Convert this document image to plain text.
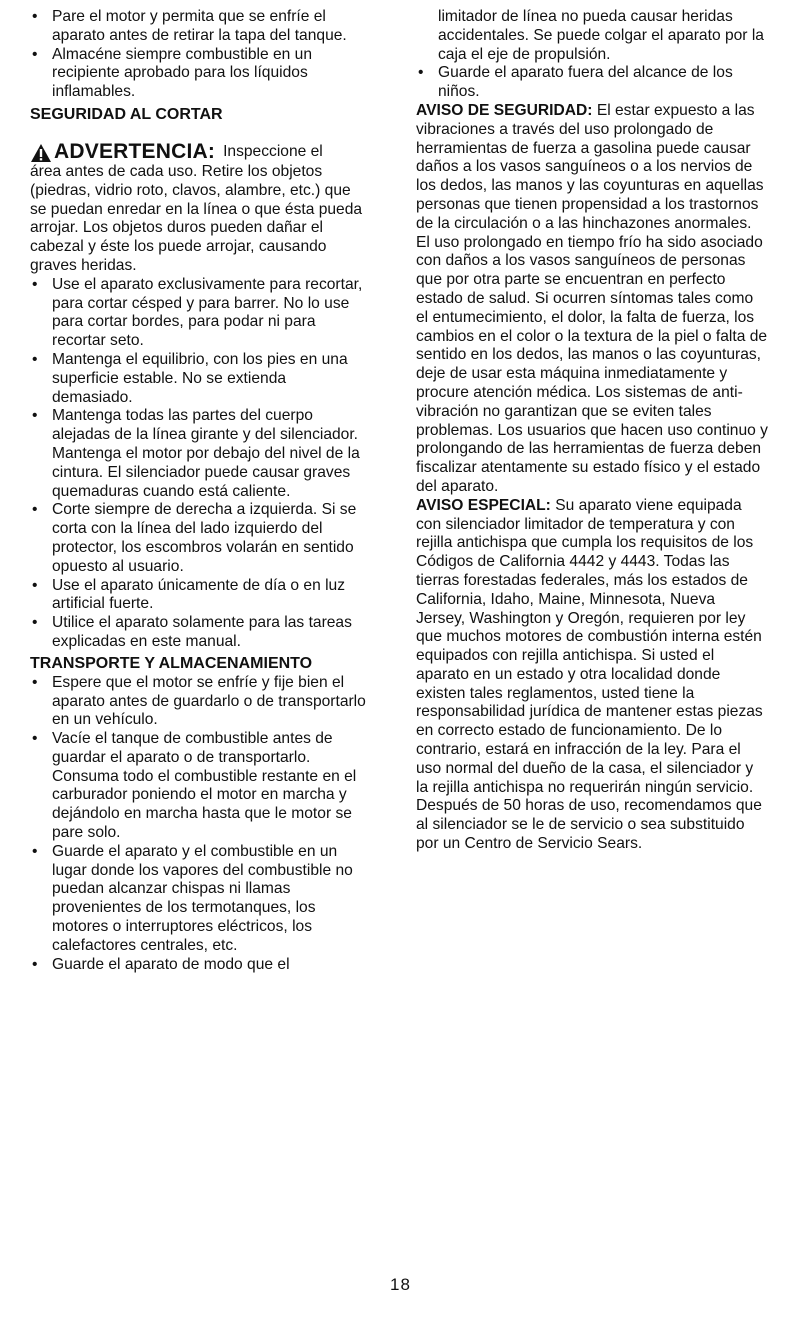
• Pare el motor y permita que se enfríe el aparato antes de retirar la tapa del tanque.
• Almacéne siempre combustible en un recipiente aprobado para los líquidos inflamables.
SEGURIDAD AL CORTAR
ADVERTENCIA: Inspeccione el

área antes de cada uso. Retire los objetos (piedras, vidrio roto, clavos, alambre, etc.) que se puedan enredar en la línea o que ésta pueda arrojar. Los objetos duros pueden dañar el cabezal y éste los puede arrojar, causando graves heridas.

• Use el aparato exclusivamente para recortar, para cortar césped y para barrer. No lo use para cortar bordes, para podar ni para recortar seto.
• Mantenga el equilibrio, con los pies en una superficie estable. No se extienda demasiado.
• Mantenga todas las partes del cuerpo alejadas de la línea girante y del silenciador. Mantenga el motor por debajo del nivel de la cintura. El silenciador puede causar graves quemaduras cuando está caliente.
• Corte siempre de derecha a izquierda. Si se corta con la línea del lado izquierdo del protector, los escombros volarán en sentido opuesto al usuario.
• Use el aparato únicamente de día o en luz artificial fuerte.
• Utilice el aparato solamente para las tareas explicadas en este manual.
TRANSPORTE Y ALMACENAMIENTO
• Espere que el motor se enfríe y fije bien el aparato antes de guardarlo o de transportarlo en un vehículo.
• Vacíe el tanque de combustible antes de guardar el aparato o de transportarlo. Consuma todo el combustible restante en el carburador poniendo el motor en marcha y dejándolo en marcha hasta que le motor se pare solo.
• Guarde el aparato y el combustible en un lugar donde los vapores del combustible no puedan alcanzar chispas ni llamas provenientes de los termotanques, los motores o interruptores eléctricos, los calefactores centrales, etc.
• Guarde el aparato de modo que el
limitador de línea no pueda causar heridas accidentales. Se puede colgar el aparato por la caja el eje de propulsión.
• Guarde el aparato fuera del alcance de los niños.

AVISO DE SEGURIDAD: El estar expuesto a las vibraciones a través del uso prolongado de herramientas de fuerza a gasolina puede causar daños a los vasos sanguíneos o a los nervios de los dedos, las manos y las coyunturas en aquellas personas que tienen propensidad a los trastornos de la circulación o a las hinchazones anormales. El uso prolongado en tiempo frío ha sido asociado con daños a los vasos sanguíneos de personas que por otra parte se encuentran en perfecto estado de salud. Si ocurren síntomas tales como el entumecimiento, el dolor, la falta de fuerza, los cambios en el color o la textura de la piel o falta de sentido en los dedos, las manos o las coyunturas, deje de usar esta máquina inmediatamente y procure atención médica. Los sistemas de anti-vibración no garantizan que se eviten tales problemas. Los usuarios que hacen uso continuo y prolongando de las herramientas de fuerza deben fiscalizar atentamente su estado físico y el estado del aparato.

AVISO ESPECIAL: Su aparato viene equipada con silenciador limitador de temperatura y con rejilla antichispa que cumpla los requisitos de los Códigos de California 4442 y 4443. Todas las tierras forestadas federales, más los estados de California, Idaho, Maine, Minnesota, Nueva Jersey, Washington y Oregón, requieren por ley que muchos motores de combustión interna estén equipados con rejilla antichispa. Si usted el aparato en un estado y otra localidad donde existen tales reglamentos, usted tiene la responsabilidad jurídica de mantener estas piezas en correcto estado de funcionamiento. De lo contrario, estará en infracción de la ley. Para el uso normal del dueño de la casa, el silenciador y la rejilla antichispa no requerirán ningún servicio. Después de 50 horas de uso, recomendamos que al silenciador se le de servicio o sea substituido por un Centro de Servicio Sears.

18
